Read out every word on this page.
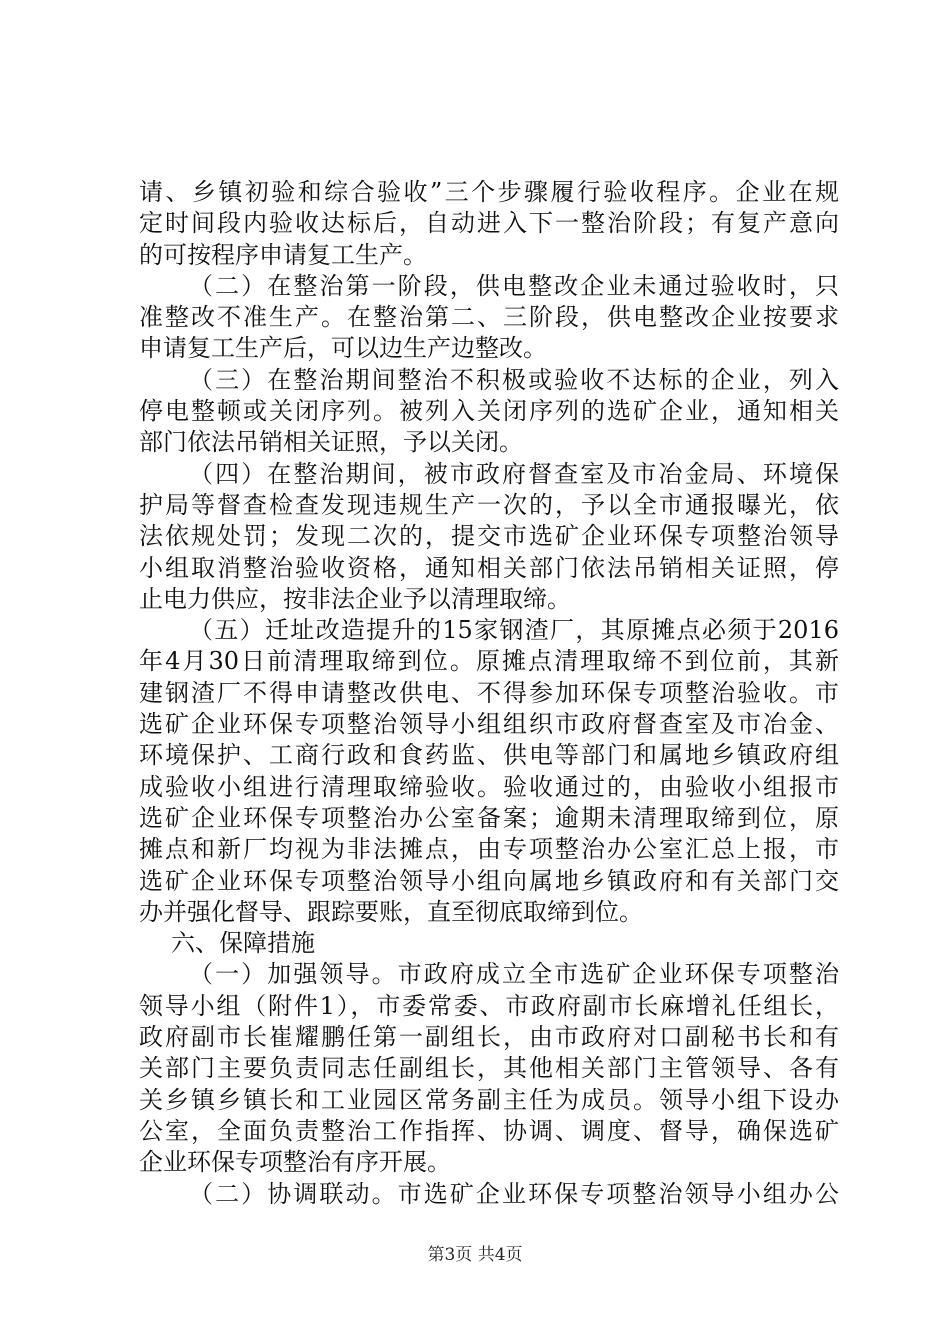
请、乡镇初验和综合验收”三个步骤履行验收程序。企业在规
定时间段内验收达标后，自动进入下一整治阶段；有复产意向
的可按程序申请复工生产。
（二）在整治第一阶段，供电整改企业未通过验收时，只
准整改不准生产。在整治第二、三阶段，供电整改企业按要求
申请复工生产后，可以边生产边整改。
（三）在整治期间整治不积极或验收不达标的企业，列入
停电整顿或关闭序列。被列入关闭序列的选矿企业，通知相关
部门依法吊销相关证照，予以关闭。
（四）在整治期间，被市政府督查室及市冶金局、环境保
护局等督查检查发现违规生产一次的，予以全市通报曝光，依
法依规处罚；发现二次的，提交市选矿企业环保专项整治领导
小组取消整治验收资格，通知相关部门依法吊销相关证照，停
止电力供应，按非法企业予以清理取缔。
（五）迁址改造提升的15家钢渣厂，其原摊点必须于2016
年4月30日前清理取缔到位。原摊点清理取缔不到位前，其新
建钢渣厂不得申请整改供电、不得参加环保专项整治验收。市
选矿企业环保专项整治领导小组组织市政府督查室及市冶金、
环境保护、工商行政和食药监、供电等部门和属地乡镇政府组
成验收小组进行清理取缔验收。验收通过的，由验收小组报市
选矿企业环保专项整治办公室备案；逾期未清理取缔到位，原
摊点和新厂均视为非法摊点，由专项整治办公室汇总上报，市
选矿企业环保专项整治领导小组向属地乡镇政府和有关部门交
办并强化督导、跟踪要账，直至彻底取缔到位。
六、保障措施
（一）加强领导。市政府成立全市选矿企业环保专项整治
领导小组（附件1），市委常委、市政府副市长麻增礼任组长，
政府副市长崔耀鹏任第一副组长，由市政府对口副秘书长和有
关部门主要负责同志任副组长，其他相关部门主管领导、各有
关乡镇乡镇长和工业园区常务副主任为成员。领导小组下设办
公室，全面负责整治工作指挥、协调、调度、督导，确保选矿
企业环保专项整治有序开展。
（二）协调联动。市选矿企业环保专项整治领导小组办公
第3页 共4页
